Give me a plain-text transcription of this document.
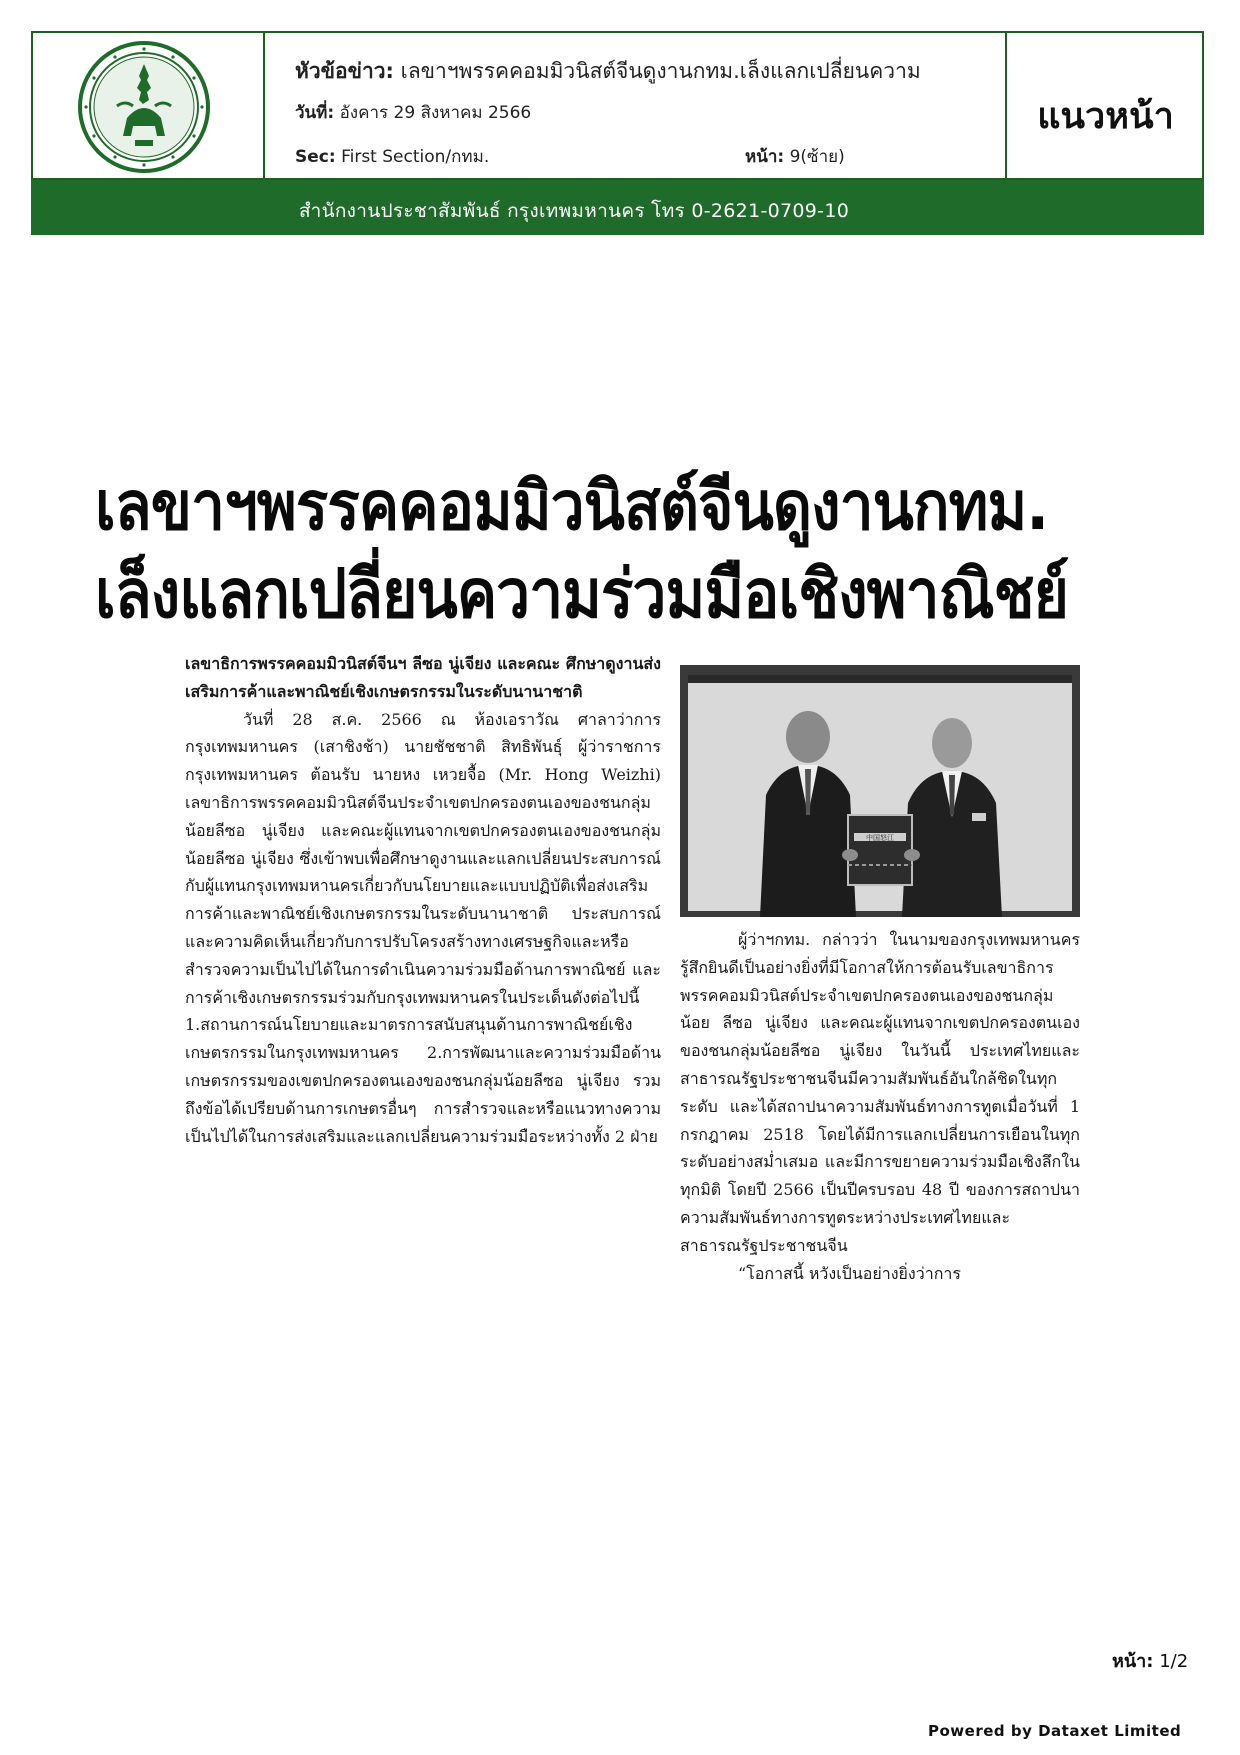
หัวข้อข่าว: เลขาฯพรรคคอมมิวนิสต์จีนดูงานกทม.เล็งแลกเปลี่ยนความ
วันที่: อังคาร 29 สิงหาคม 2566
Sec: First Section/กทม.	หน้า: 9(ซ้าย)
แนวหน้า
สำนักงานประชาสัมพันธ์ กรุงเทพมหานคร โทร 0-2621-0709-10
เลขาฯพรรคคอมมิวนิสต์จีนดูงานกทม.
เล็งแลกเปลี่ยนความร่วมมือเชิงพาณิชย์

เลขาธิการพรรคคอมมิวนิสต์จีนฯ ลีซอ นู่เจียง และคณะ ศึกษาดูงานส่งเสริมการค้าและพาณิชย์เชิงเกษตรกรรมในระดับนานาชาติ

วันที่ 28 ส.ค. 2566 ณ ห้องเอราวัณ ศาลาว่าการกรุงเทพมหานคร (เสาชิงช้า) นายชัชชาติ สิทธิพันธุ์ ผู้ว่าราชการกรุงเทพมหานคร ต้อนรับ นายหง เหวยจื้อ (Mr. Hong Weizhi) เลขาธิการพรรคคอมมิวนิสต์จีนประจำเขตปกครองตนเองของชนกลุ่มน้อยลีซอ นู่เจียง และคณะผู้แทนจากเขตปกครองตนเองของชนกลุ่มน้อยลีซอ นู่เจียง ซึ่งเข้าพบเพื่อศึกษาดูงานและแลกเปลี่ยนประสบการณ์กับผู้แทนกรุงเทพมหานครเกี่ยวกับนโยบายและแบบปฏิบัติเพื่อส่งเสริมการค้าและพาณิชย์เชิงเกษตรกรรมในระดับนานาชาติ ประสบการณ์และความคิดเห็นเกี่ยวกับการปรับโครงสร้างทางเศรษฐกิจและหรือสำรวจความเป็นไปได้ในการดำเนินความร่วมมือด้านการพาณิชย์ และการค้าเชิงเกษตรกรรมร่วมกับกรุงเทพมหานครในประเด็นดังต่อไปนี้ 1.สถานการณ์นโยบายและมาตรการสนับสนุนด้านการพาณิชย์เชิงเกษตรกรรมในกรุงเทพมหานคร 2.การพัฒนาและความร่วมมือด้านเกษตรกรรมของเขตปกครองตนเองของชนกลุ่มน้อยลีซอ นู่เจียง รวมถึงข้อได้เปรียบด้านการเกษตรอื่นๆ การสำรวจและหรือแนวทางความเป็นไปได้ในการส่งเสริมและแลกเปลี่ยนความร่วมมือระหว่างทั้ง 2 ฝ่าย

中国怒江

ผู้ว่าฯกทม. กล่าวว่า ในนามของกรุงเทพมหานคร รู้สึกยินดีเป็นอย่างยิ่งที่มีโอกาสให้การต้อนรับเลขาธิการพรรคคอมมิวนิสต์ประจำเขตปกครองตนเองของชนกลุ่มน้อย ลีซอ นู่เจียง และคณะผู้แทนจากเขตปกครองตนเองของชนกลุ่มน้อยลีซอ นู่เจียง ในวันนี้ ประเทศไทยและสาธารณรัฐประชาชนจีนมีความสัมพันธ์อันใกล้ชิดในทุกระดับ และได้สถาปนาความสัมพันธ์ทางการทูตเมื่อวันที่ 1 กรกฎาคม 2518 โดยได้มีการแลกเปลี่ยนการเยือนในทุกระดับอย่างสม่ำเสมอ และมีการขยายความร่วมมือเชิงลึกในทุกมิติ โดยปี 2566 เป็นปีครบรอบ 48 ปี ของการสถาปนาความสัมพันธ์ทางการทูตระหว่างประเทศไทยและสาธารณรัฐประชาชนจีน

“โอกาสนี้ หวังเป็นอย่างยิ่งว่าการ

หน้า: 1/2
Powered by Dataxet Limited
